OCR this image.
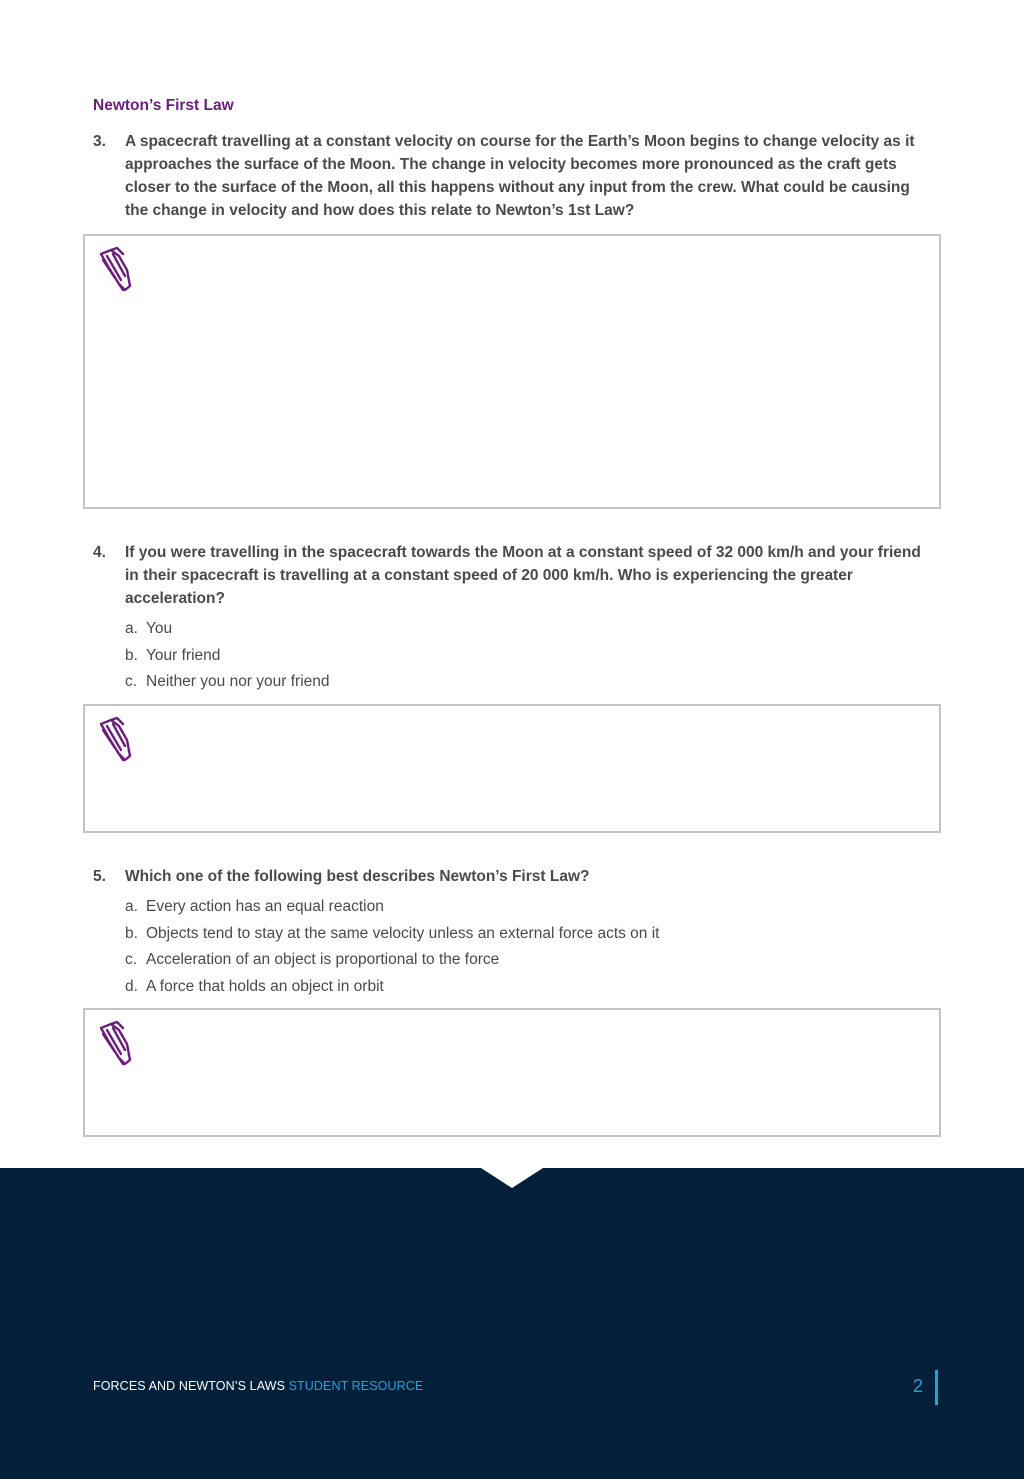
Newton’s First Law
3. A spacecraft travelling at a constant velocity on course for the Earth’s Moon begins to change velocity as it approaches the surface of the Moon. The change in velocity becomes more pronounced as the craft gets closer to the surface of the Moon, all this happens without any input from the crew. What could be causing the change in velocity and how does this relate to Newton’s 1st Law?
4. If you were travelling in the spacecraft towards the Moon at a constant speed of 32 000 km/h and your friend in their spacecraft is travelling at a constant speed of 20 000 km/h. Who is experiencing the greater acceleration?
a. You
b. Your friend
c. Neither you nor your friend
5. Which one of the following best describes Newton’s First Law?
a. Every action has an equal reaction
b. Objects tend to stay at the same velocity unless an external force acts on it
c. Acceleration of an object is proportional to the force
d. A force that holds an object in orbit
FORCES AND NEWTON’S LAWS STUDENT RESOURCE	2
